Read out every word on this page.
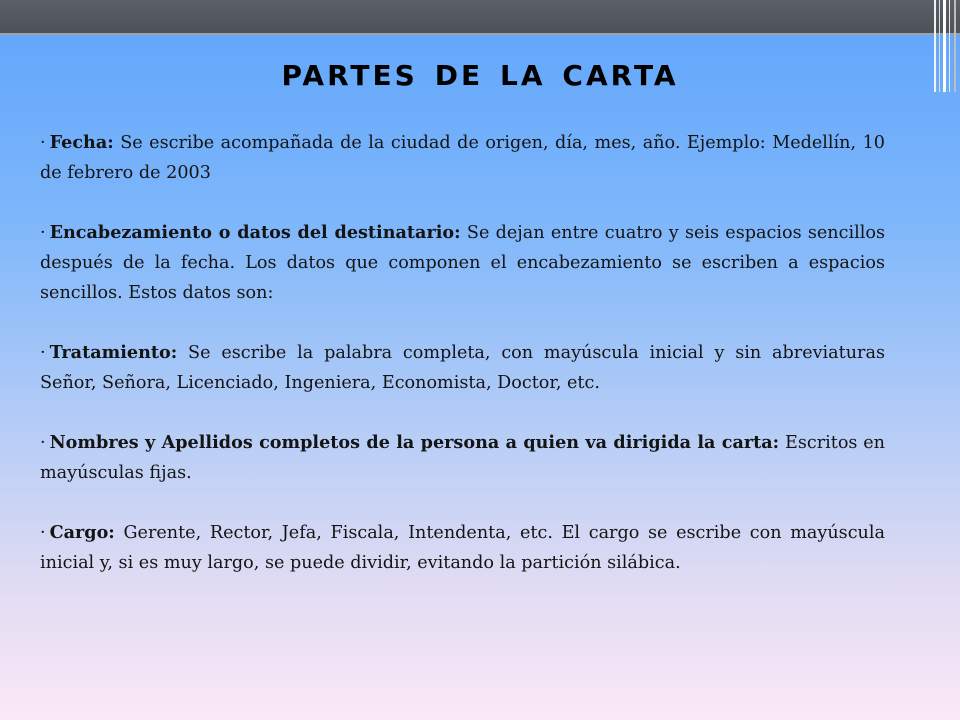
partes de la carta

· Fecha: Se escribe acompañada de la ciudad de origen, día, mes, año. Ejemplo: Medellín, 10 de febrero de 2003

· Encabezamiento o datos del destinatario: Se dejan entre cuatro y seis espacios sencillos después de la fecha. Los datos que componen el encabezamiento se escriben a espacios sencillos. Estos datos son:

· Tratamiento: Se escribe la palabra completa, con mayúscula inicial y sin abreviaturas Señor, Señora, Licenciado, Ingeniera, Economista, Doctor, etc.

· Nombres y Apellidos completos de la persona a quien va dirigida la carta: Escritos en mayúsculas fijas.

· Cargo: Gerente, Rector, Jefa, Fiscala, Intendenta, etc. El cargo se escribe con mayúscula inicial y, si es muy largo, se puede dividir, evitando la partición silábica.
